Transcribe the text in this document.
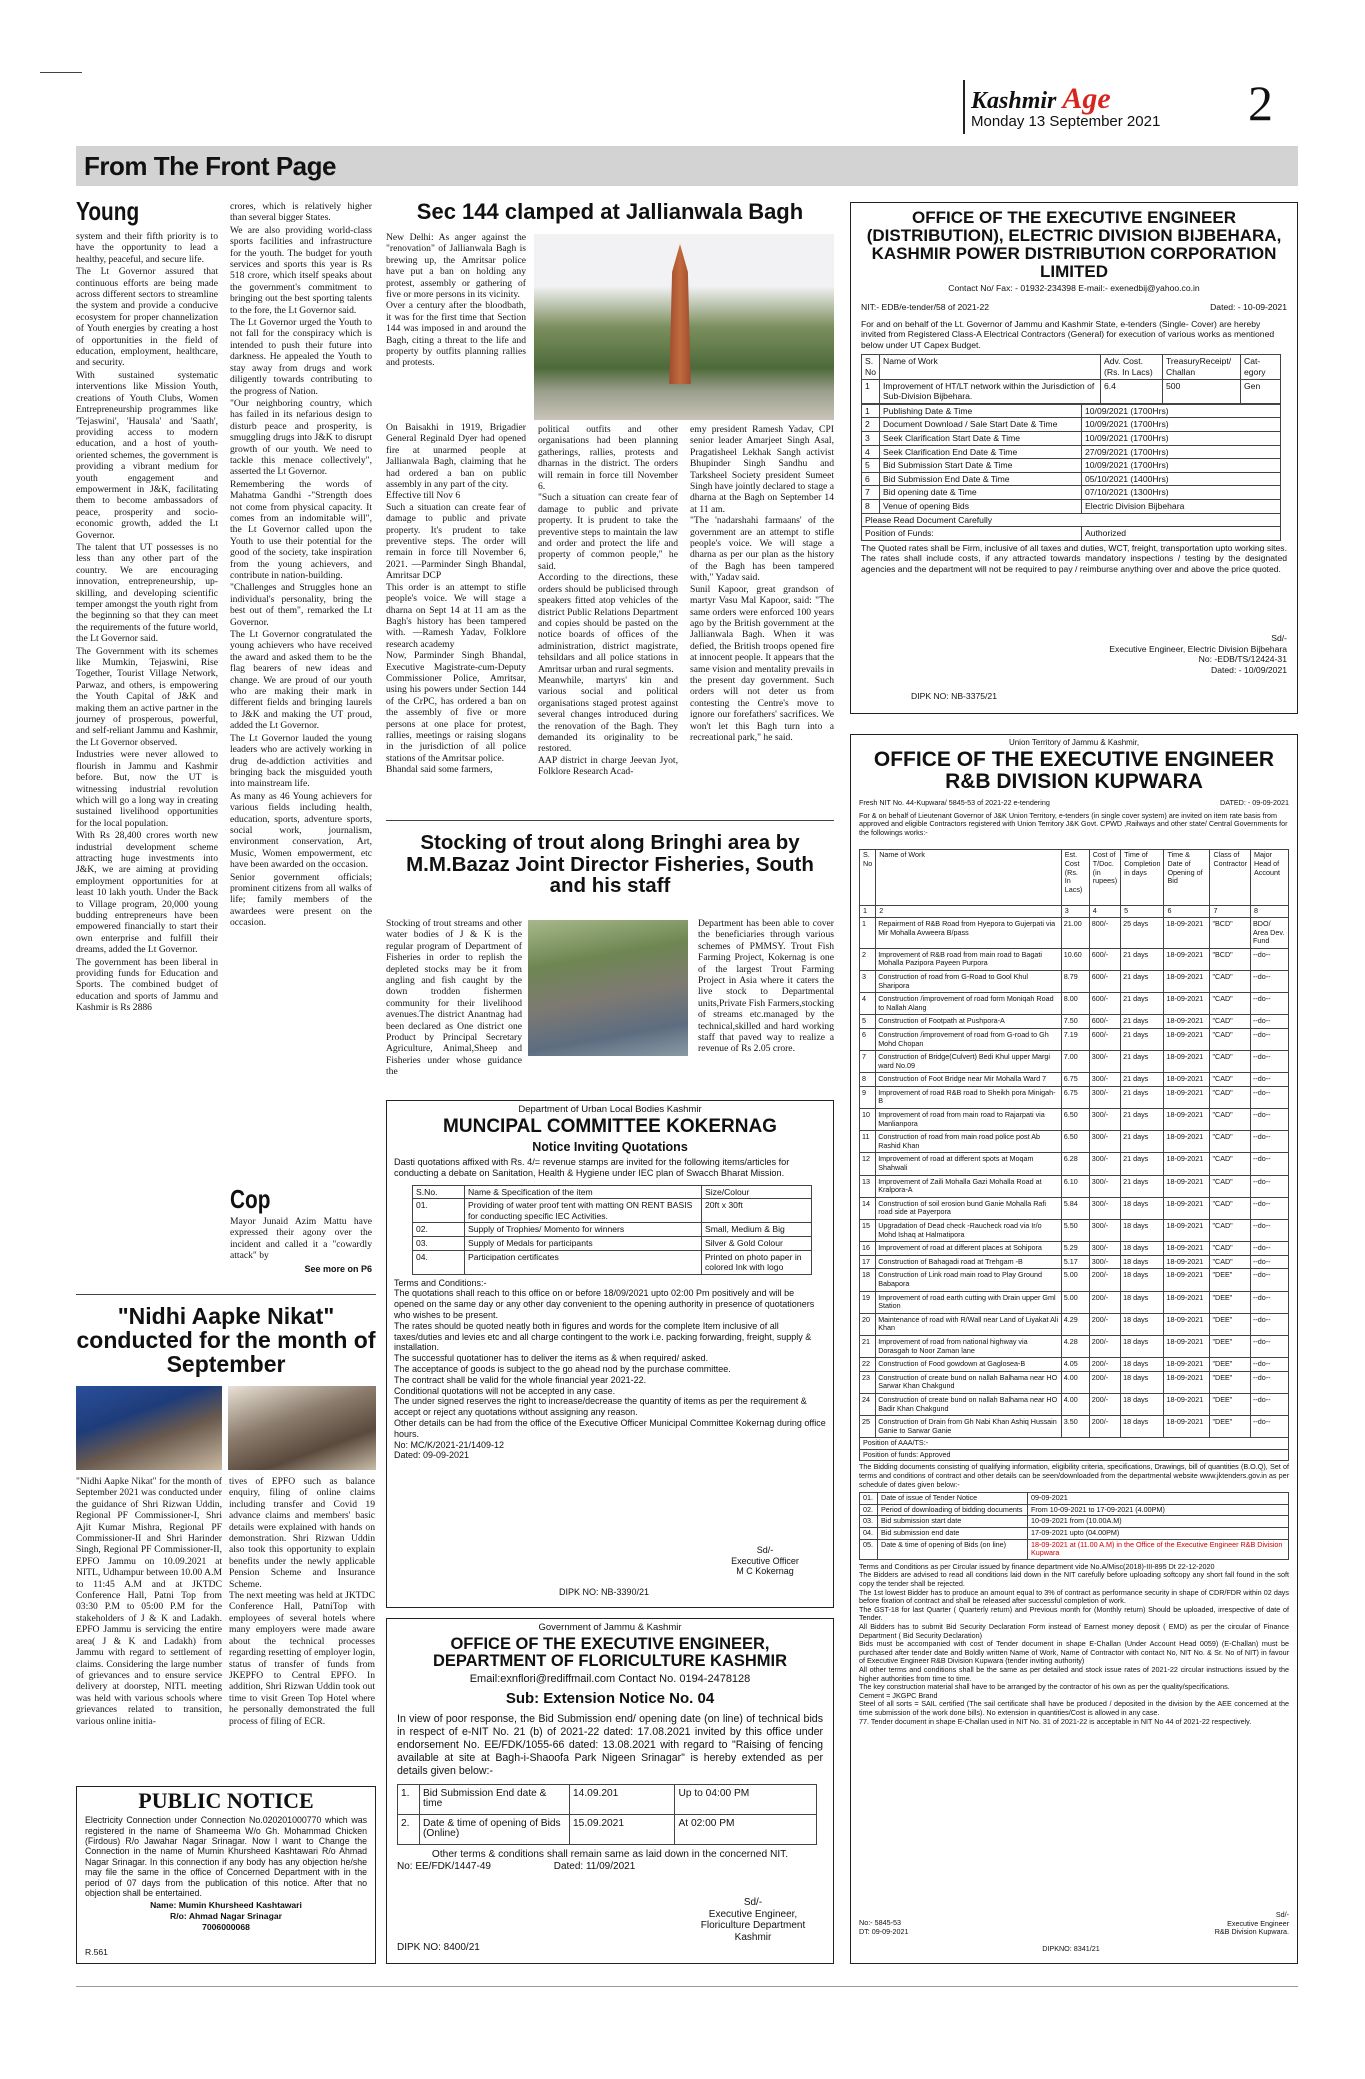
Kashmir Age
Monday 13 September 2021	2
From The Front Page
Young

system and their fifth priority is to have the opportunity to lead a healthy, peaceful, and secure life.

The Lt Governor assured that continuous efforts are being made across different sectors to streamline the system and provide a conducive ecosystem for proper channelization of Youth energies by creating a host of opportunities in the field of education, employment, healthcare, and security.

With sustained systematic interventions like Mission Youth, creations of Youth Clubs, Women Entrepreneurship programmes like 'Tejaswini', 'Hausala' and 'Saath', providing access to modern education, and a host of youth-oriented schemes, the government is providing a vibrant medium for youth engagement and empowerment in J&K, facilitating them to become ambassadors of peace, prosperity and socio-economic growth, added the Lt Governor.

The talent that UT possesses is no less than any other part of the country. We are encouraging innovation, entrepreneurship, up-skilling, and developing scientific temper amongst the youth right from the beginning so that they can meet the requirements of the future world, the Lt Governor said.

The Government with its schemes like Mumkin, Tejaswini, Rise Together, Tourist Village Network, Parwaz, and others, is empowering the Youth Capital of J&K and making them an active partner in the journey of prosperous, powerful, and self-reliant Jammu and Kashmir, the Lt Governor observed.

Industries were never allowed to flourish in Jammu and Kashmir before. But, now the UT is witnessing industrial revolution which will go a long way in creating sustained livelihood opportunities for the local population.

With Rs 28,400 crores worth new industrial development scheme attracting huge investments into J&K, we are aiming at providing employment opportunities for at least 10 lakh youth. Under the Back to Village program, 20,000 young budding entrepreneurs have been empowered financially to start their own enterprise and fulfill their dreams, added the Lt Governor.

The government has been liberal in providing funds for Education and Sports. The combined budget of education and sports of Jammu and Kashmir is Rs 2886

crores, which is relatively higher than several bigger States.

We are also providing world-class sports facilities and infrastructure for the youth. The budget for youth services and sports this year is Rs 518 crore, which itself speaks about the government's commitment to bringing out the best sporting talents to the fore, the Lt Governor said.

The Lt Governor urged the Youth to not fall for the conspiracy which is intended to push their future into darkness. He appealed the Youth to stay away from drugs and work diligently towards contributing to the progress of Nation.

"Our neighboring country, which has failed in its nefarious design to disturb peace and prosperity, is smuggling drugs into J&K to disrupt growth of our youth. We need to tackle this menace collectively", asserted the Lt Governor.

Remembering the words of Mahatma Gandhi -"Strength does not come from physical capacity. It comes from an indomitable will", the Lt Governor called upon the Youth to use their potential for the good of the society, take inspiration from the young achievers, and contribute in nation-building.

"Challenges and Struggles hone an individual's personality, bring the best out of them", remarked the Lt Governor.

The Lt Governor congratulated the young achievers who have received the award and asked them to be the flag bearers of new ideas and change. We are proud of our youth who are making their mark in different fields and bringing laurels to J&K and making the UT proud, added the Lt Governor.

The Lt Governor lauded the young leaders who are actively working in drug de-addiction activities and bringing back the misguided youth into mainstream life.

As many as 46 Young achievers for various fields including health, education, sports, adventure sports, social work, journalism, environment conservation, Art, Music, Women empowerment, etc have been awarded on the occasion.

Senior government officials; prominent citizens from all walks of life; family members of the awardees were present on the occasion.

Cop
Mayor Junaid Azim Mattu have expressed their agony over the incident and called it a "cowardly attack" by
See more on P6
"Nidhi Aapke Nikat" conducted for the month of September
"Nidhi Aapke Nikat" for the month of September 2021 was conducted under the guidance of Shri Rizwan Uddin, Regional PF Commissioner-I, Shri Ajit Kumar Mishra, Regional PF Commissioner-II and Shri Harinder Singh, Regional PF Commissioner-II, EPFO Jammu on 10.09.2021 at NITL, Udhampur between 10.00 A.M to 11:45 A.M and at JKTDC Conference Hall, Patni Top from 03:30 P.M to 05:00 P.M for the stakeholders of J & K and Ladakh. EPFO Jammu is servicing the entire area( J & K and Ladakh) from Jammu with regard to settlement of claims. Considering the large number of grievances and to ensure service delivery at doorstep, NITL meeting was held with various schools where grievances related to transition, various online initia-
tives of EPFO such as balance enquiry, filing of online claims including transfer and Covid 19 advance claims and members' basic details were explained with hands on demonstration. Shri Rizwan Uddin also took this opportunity to explain benefits under the newly applicable Pension Scheme and Insurance Scheme.
The next meeting was held at JKTDC Conference Hall, PatniTop with employees of several hotels where many employers were made aware about the technical processes regarding resetting of employer login, status of transfer of funds from JKEPFO to Central EPFO. In addition, Shri Rizwan Uddin took out time to visit Green Top Hotel where he personally demonstrated the full process of filing of ECR.
PUBLIC NOTICE
Electricity Connection under Connection No.020201000770 which was registered in the name of Shameema W/o Gh. Mohammad Chicken (Firdous) R/o Jawahar Nagar Srinagar. Now I want to Change the Connection in the name of Mumin Khursheed Kashtawari R/o Ahmad Nagar Srinagar. In this connection if any body has any objection he/she may file the same in the office of Concerned Department with in the period of 07 days from the publication of this notice. After that no objection shall be entertained.
Name: Mumin Khursheed Kashtawari
R/o: Ahmad Nagar Srinagar
7006000068
R.561
Sec 144 clamped at Jallianwala Bagh
New Delhi: As anger against the "renovation" of Jallianwala Bagh is brewing up, the Amritsar police have put a ban on holding any protest, assembly or gathering of five or more persons in its vicinity.
Over a century after the bloodbath, it was for the first time that Section 144 was imposed in and around the Bagh, citing a threat to the life and property by outfits planning rallies and protests.
On Baisakhi in 1919, Brigadier General Reginald Dyer had opened fire at unarmed people at Jallianwala Bagh, claiming that he had ordered a ban on public assembly in any part of the city.
Effective till Nov 6
Such a situation can create fear of damage to public and private property. It's prudent to take preventive steps. The order will remain in force till November 6, 2021. —Parminder Singh Bhandal, Amritsar DCP
This order is an attempt to stifle people's voice. We will stage a dharna on Sept 14 at 11 am as the Bagh's history has been tampered with. —Ramesh Yadav, Folklore research academy
Now, Parminder Singh Bhandal, Executive Magistrate-cum-Deputy Commissioner Police, Amritsar, using his powers under Section 144 of the CrPC, has ordered a ban on the assembly of five or more persons at one place for protest, rallies, meetings or raising slogans in the jurisdiction of all police stations of the Amritsar police.
Bhandal said some farmers,
political outfits and other organisations had been planning gatherings, rallies, protests and dharnas in the district. The orders will remain in force till November 6.
"Such a situation can create fear of damage to public and private property. It is prudent to take the preventive steps to maintain the law and order and protect the life and property of common people," he said.
According to the directions, these orders should be publicised through speakers fitted atop vehicles of the district Public Relations Department and copies should be pasted on the notice boards of offices of the administration, district magistrate, tehsildars and all police stations in Amritsar urban and rural segments.
Meanwhile, martyrs' kin and various social and political organisations staged protest against several changes introduced during the renovation of the Bagh. They demanded its originality to be restored.
AAP district in charge Jeevan Jyot, Folklore Research Acad-
emy president Ramesh Yadav, CPI senior leader Amarjeet Singh Asal, Pragatisheel Lekhak Sangh activist Bhupinder Singh Sandhu and Tarksheel Society president Sumeet Singh have jointly declared to stage a dharna at the Bagh on September 14 at 11 am.
"The 'nadarshahi farmaans' of the government are an attempt to stifle people's voice. We will stage a dharna as per our plan as the history of the Bagh has been tampered with," Yadav said.
Sunil Kapoor, great grandson of martyr Vasu Mal Kapoor, said: "The same orders were enforced 100 years ago by the British government at the Jallianwala Bagh. When it was defied, the British troops opened fire at innocent people. It appears that the same vision and mentality prevails in the present day government. Such orders will not deter us from contesting the Centre's move to ignore our forefathers' sacrifices. We won't let this Bagh turn into a recreational park," he said.
Stocking of trout along Bringhi area by M.M.Bazaz Joint Director Fisheries, South and his staff
Stocking of trout streams and other water bodies of J & K is the regular program of Department of Fisheries in order to replish the depleted stocks may be it from angling and fish caught by the down trodden fishermen community for their livelihood avenues.The district Anantnag had been declared as One district one Product by Principal Secretary Agriculture, Animal,Sheep and Fisheries under whose guidance the
Department has been able to cover the beneficiaries through various schemes of PMMSY. Trout Fish Farming Project, Kokernag is one of the largest Trout Farming Project in Asia where it caters the live stock to Departmental units,Private Fish Farmers,stocking of streams etc.managed by the technical,skilled and hard working staff that paved way to realize a revenue of Rs 2.05 crore.
Department of Urban Local Bodies Kashmir
MUNCIPAL COMMITTEE KOKERNAG
Notice Inviting Quotations
Dasti quotations affixed with Rs. 4/= revenue stamps are invited for the following items/articles for conducting a debate on Sanitation, Health & Hygiene under IEC plan of Swacch Bharat Mission.
S.No.	Name & Specification of the item	Size/Colour
01.	Providing of water proof tent with matting ON RENT BASIS for conducting specific IEC Activities.	20ft x 30ft
02.	Supply of Trophies/ Momento for winners	Small, Medium & Big
03.	Supply of Medals for participants	Silver & Gold Colour
04.	Participation certificates	Printed on photo paper in colored Ink with logo
Terms and Conditions:-
The quotations shall reach to this office on or before 18/09/2021 upto 02:00 Pm positively and will be opened on the same day or any other day convenient to the opening authority in presence of quotationers who wishes to be present.
The rates should be quoted neatly both in figures and words for the complete Item inclusive of all taxes/duties and levies etc and all charge contingent to the work i.e. packing forwarding, freight, supply & installation.
The successful quotationer has to deliver the items as & when required/ asked.
The acceptance of goods is subject to the go ahead nod by the purchase committee.
The contract shall be valid for the whole financial year 2021-22.
Conditional quotations will not be accepted in any case.
The under signed reserves the right to increase/decrease the quantity of items as per the requirement & accept or reject any quotations without assigning any reason.
Other details can be had from the office of the Executive Officer Municipal Committee Kokernag during office hours.
No: MC/K/2021-21/1409-12
Dated: 09-09-2021
Sd/-
Executive Officer
M C Kokernag
DIPK NO: NB-3390/21
Government of Jammu & Kashmir
OFFICE OF THE EXECUTIVE ENGINEER, DEPARTMENT OF FLORICULTURE KASHMIR
Email:exnflori@rediffmail.com Contact No. 0194-2478128
Sub: Extension Notice No. 04
In view of poor response, the Bid Submission end/ opening date (on line) of technical bids in respect of e-NIT No. 21 (b) of 2021-22 dated: 17.08.2021 invited by this office under endorsement No. EE/FDK/1055-66 dated: 13.08.2021 with regard to "Raising of fencing available at site at Bagh-i-Shaoofa Park Nigeen Srinagar" is hereby extended as per details given below:-
1.	Bid Submission End date & time	14.09.201	Up to 04:00 PM
2.	Date & time of opening of Bids (Online)	15.09.2021	At 02:00 PM
Other terms & conditions shall remain same as laid down in the concerned NIT.
No: EE/FDK/1447-49	Dated: 11/09/2021
Sd/-
Executive Engineer,
Floriculture Department
Kashmir
DIPK NO: 8400/21
OFFICE OF THE EXECUTIVE ENGINEER (DISTRIBUTION), ELECTRIC DIVISION BIJBEHARA, KASHMIR POWER DISTRIBUTION CORPORATION LIMITED
Contact No/ Fax: - 01932-234398 E-mail:- exenedbij@yahoo.co.in
NIT:- EDB/e-tender/58 of 2021-22	Dated: - 10-09-2021
For and on behalf of the Lt. Governor of Jammu and Kashmir State, e-tenders (Single- Cover) are hereby invited from Registered Class-A Electrical Contractors (General) for execution of various works as mentioned below under UT Capex Budget.
S. No	Name of Work	Adv. Cost. (Rs. In Lacs)	TreasuryReceipt/ Challan	Cat-egory
1	Improvement of HT/LT network within the Jurisdiction of Sub-Division Bijbehara.	6.4	500	Gen
1	Publishing Date & Time	10/09/2021 (1700Hrs)
2	Document Download / Sale Start Date & Time	10/09/2021 (1700Hrs)
3	Seek Clarification Start Date & Time	10/09/2021 (1700Hrs)
4	Seek Clarification End Date & Time	27/09/2021 (1700Hrs)
5	Bid Submission Start Date & Time	10/09/2021 (1700Hrs)
6	Bid Submission End Date & Time	05/10/2021 (1400Hrs)
7	Bid opening date & Time	07/10/2021 (1300Hrs)
8	Venue of opening Bids	Electric Division Bijbehara
Please Read Document Carefully		
Position of Funds:		Authorized
The Quoted rates shall be Firm, inclusive of all taxes and duties, WCT, freight, transportation upto working sites. The rates shall include costs, if any attracted towards mandatory inspections / testing by the designated agencies and the department will not be required to pay / reimburse anything over and above the price quoted.
Sd/-
Executive Engineer, Electric Division Bijbehara
No: -EDB/TS/12424-31
Dated: - 10/09/2021
DIPK NO: NB-3375/21
Union Territory of Jammu & Kashmir,
OFFICE OF THE EXECUTIVE ENGINEER R&B DIVISION KUPWARA
Fresh NIT No. 44-Kupwara/ 5845-53 of 2021-22 e-tendering	DATED: - 09-09-2021
For & on behalf of Lieutenant Governor of J&K Union Territory, e-tenders (in single cover system) are invited on item rate basis from approved and eligible Contractors registered with Union Territory J&K Govt. CPWD ,Railways and other state/ Central Governments for the followings works:-
S. No	Name of Work	Est. Cost (Rs. In Lacs)	Cost of T/Doc. (in rupees)	Time of Completion in days	Time & Date of Opening of Bid	Class of Contractor	Major Head of Account
1	2	3	4	5	6	7	8
1	Repairment of R&B Road from Hyepora to Gujerpati via Mir Mohalla Avweera B/pass	21.00	800/-	25 days	18-09-2021	"BCD"	BDO/ Area Dev. Fund
2	Improvement of R&B road from main road to Bagati Mohalla Pazipora Payeen Purpora	10.60	600/-	21 days	18-09-2021	"BCD"	--do--
3	Construction of road from G-Road to Gool Khul Sharipora	8.79	600/-	21 days	18-09-2021	"CAD"	--do--
4	Construction /improvement of road form Moniqah Road to Nallah Alang	8.00	600/-	21 days	18-09-2021	"CAD"	--do--
5	Construction of Footpath at Pushpora-A	7.50	600/-	21 days	18-09-2021	"CAD"	--do--
6	Construction /improvement of road from G-road to Gh Mohd Chopan	7.19	600/-	21 days	18-09-2021	"CAD"	--do--
7	Construction of Bridge(Culvert) Bedi Khul upper Margi ward No.09	7.00	300/-	21 days	18-09-2021	"CAD"	--do--
8	Construction of Foot Bridge near Mir Mohalla Ward 7	6.75	300/-	21 days	18-09-2021	"CAD"	--do--
9	Improvement of road R&B road to Sheikh pora Minigah-B	6.75	300/-	21 days	18-09-2021	"CAD"	--do--
10	Improvement of road from main road to Rajarpati via Manlianpora	6.50	300/-	21 days	18-09-2021	"CAD"	--do--
11	Construction of road from main road police post Ab Rashid Khan	6.50	300/-	21 days	18-09-2021	"CAD"	--do--
12	Improvement of road at different spots at Moqam Shahwali	6.28	300/-	21 days	18-09-2021	"CAD"	--do--
13	Improvement of Zaili Mohalla Gazi Mohalla Road at Kralpora-A	6.10	300/-	21 days	18-09-2021	"CAD"	--do--
14	Construction of soil erosion bund Ganie Mohalla Rafi road side at Payerpora	5.84	300/-	18 days	18-09-2021	"CAD"	--do--
15	Upgradation of Dead check -Raucheck road via Ir/o Mohd Ishaq at Halmatipora	5.50	300/-	18 days	18-09-2021	"CAD"	--do--
16	Improvement of road at different places at Sohipora	5.29	300/-	18 days	18-09-2021	"CAD"	--do--
17	Construction of Bahagadi road at Trehgam -B	5.17	300/-	18 days	18-09-2021	"CAD"	--do--
18	Construction of Link road main road to Play Ground Babapora	5.00	200/-	18 days	18-09-2021	"DEE"	--do--
19	Improvement of road earth cutting with Drain upper Gml Station	5.00	200/-	18 days	18-09-2021	"DEE"	--do--
20	Maintenance of road with R/Wall near Land of Liyakat Ali Khan	4.29	200/-	18 days	18-09-2021	"DEE"	--do--
21	Improvement of road from national highway via Dorasgah to Noor Zaman lane	4.28	200/-	18 days	18-09-2021	"DEE"	--do--
22	Construction of Food gowdown at Gaglosea-B	4.05	200/-	18 days	18-09-2021	"DEE"	--do--
23	Construction of create bund on nallah Balhama near HO Sarwar Khan Chakgund	4.00	200/-	18 days	18-09-2021	"DEE"	--do--
24	Construction of create bund on nallah Balhama near HO Badir Khan Chakgund	4.00	200/-	18 days	18-09-2021	"DEE"	--do--
25	Construction of Drain from Gh Nabi Khan Ashiq Hussain Ganie to Sarwar Ganie	3.50	200/-	18 days	18-09-2021	"DEE"	--do--
Position of AAA/TS:-							
Position of funds: Approved							
The Bidding documents consisting of qualifying information, eligibility criteria, specifications, Drawings, bill of quantities (B.O.Q), Set of terms and conditions of contract and other details can be seen/downloaded from the departmental website www.jktenders.gov.in as per schedule of dates given below:-
01.	Date of issue of Tender Notice	09-09-2021
02.	Period of downloading of bidding documents	From 10-09-2021 to 17-09-2021 (4.00PM)
03.	Bid submission start date	10-09-2021 from (10.00A.M)
04.	Bid submission end date	17-09-2021 upto (04.00PM)
05.	Date & time of opening of Bids (on line)	18-09-2021 at (11.00 A.M) in the Office of the Executive Engineer R&B Division Kupwara
Terms and Conditions as per Circular issued by finance department vide No.A/Misc(2018)-III-895 Dt 22-12-2020
The Bidders are advised to read all conditions laid down in the NIT carefully before uploading softcopy any short fall found in the soft copy the tender shall be rejected.
The 1st lowest Bidder has to produce an amount equal to 3% of contract as performance security in shape of CDR/FDR within 02 days before fixation of contract and shall be released after successful completion of work.
The GST-18 for last Quarter ( Quarterly return) and Previous month for (Monthly return) Should be uploaded, irrespective of date of Tender.
All Bidders has to submit Bid Security Declaration Form instead of Earnest money deposit ( EMD) as per the circular of Finance Department ( Bid Security Declaration)
Bids must be accompanied with cost of Tender document in shape E-Challan (Under Account Head 0059) (E-Challan) must be purchased after tender date and Boldly written Name of Work, Name of Contractor with contact No, NIT No. & Sr. No of NIT) in favour of Executive Engineer R&B Division Kupwara (tender inviting authority)
All other terms and conditions shall be the same as per detailed and stock issue rates of 2021-22 circular instructions issued by the higher authorities from time to time.
The key construction material shall have to be arranged by the contractor of his own as per the quality/specifications.
Cement = JKGPC Brand
Steel of all sorts = SAIL certified (The sail certificate shall have be produced / deposited in the division by the AEE concerned at the time submission of the work done bills). No extension in quantities/Cost is allowed in any case.
77. Tender document in shape E-Challan used in NIT No. 31 of 2021-22 is acceptable in NIT No 44 of 2021-22 respectively.
No:- 5845-53
DT: 09-09-2021
DIPKNO: 8341/21
Sd/-
Executive Engineer
R&B Division Kupwara.
